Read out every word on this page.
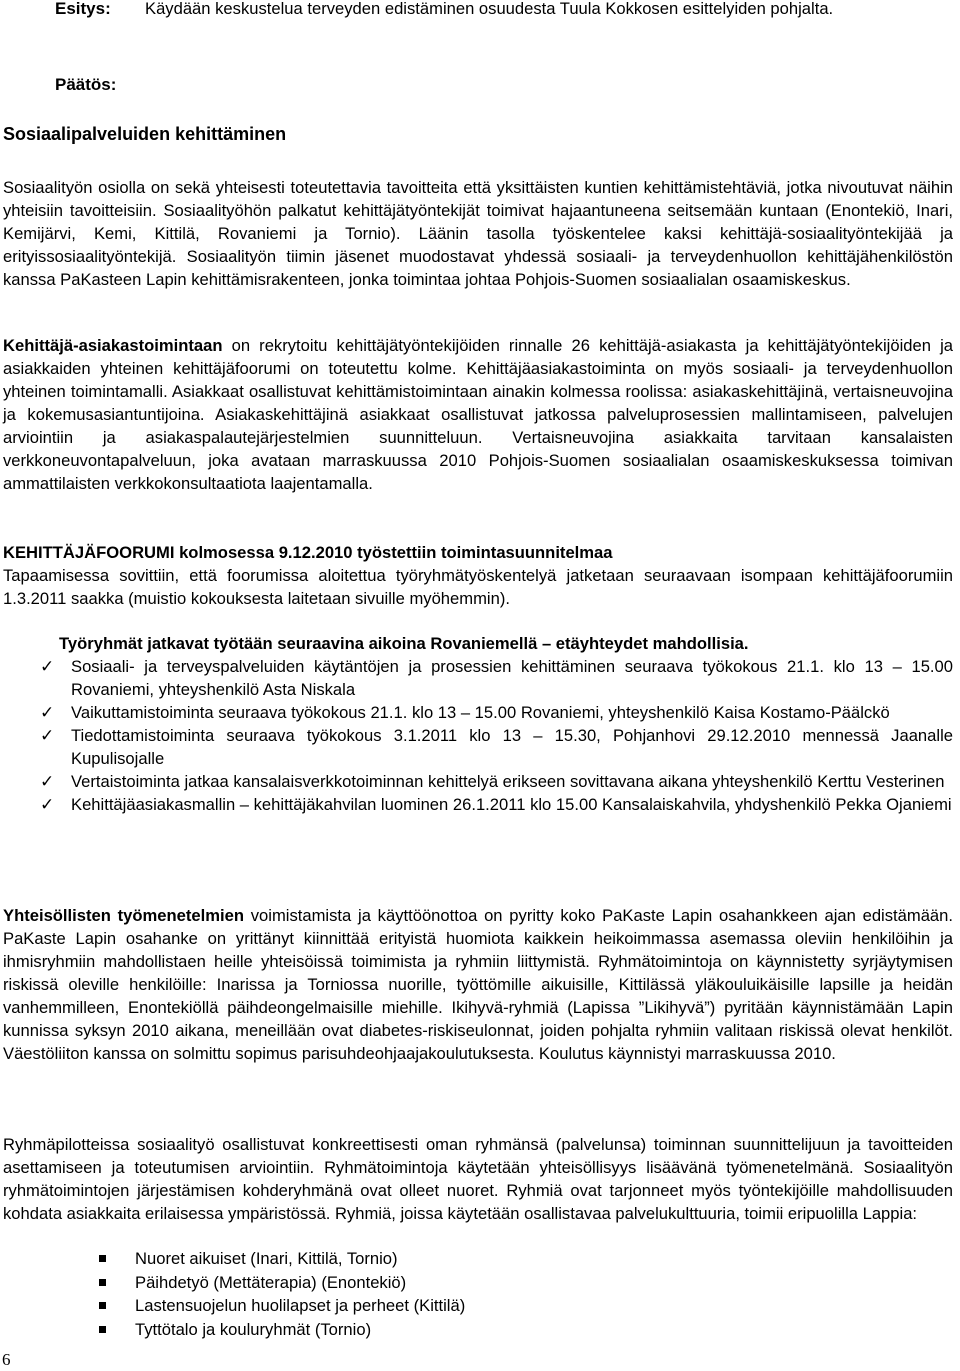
Esitys: Käydään keskustelua terveyden edistäminen osuudesta Tuula Kokkosen esittelyiden pohjalta.
Päätös:
Sosiaalipalveluiden kehittäminen
Sosiaalityön osiolla on sekä yhteisesti toteutettavia tavoitteita että yksittäisten kuntien kehittämistehtäviä, jotka nivoutuvat näihin yhteisiin tavoitteisiin. Sosiaalityöhön palkatut kehittäjätyöntekijät toimivat hajaantuneena seitsemään kuntaan (Enontekiö, Inari, Kemijärvi, Kemi, Kittilä, Rovaniemi ja Tornio). Läänin tasolla työskentelee kaksi kehittäjä-sosiaalityöntekijää ja erityissosiaalityöntekijä. Sosiaalityön tiimin jäsenet muodostavat yhdessä sosiaali- ja terveydenhuollon kehittäjähenkilöstön kanssa PaKasteen Lapin kehittämisrakenteen, jonka toimintaa johtaa Pohjois-Suomen sosiaalialan osaamiskeskus.
Kehittäjä-asiakastoimintaan on rekrytoitu kehittäjätyöntekijöiden rinnalle 26 kehittäjä-asiakasta ja kehittäjätyöntekijöiden ja asiakkaiden yhteinen kehittäjäfoorumi on toteutettu kolme. Kehittäjäasiakastoiminta on myös sosiaali- ja terveydenhuollon yhteinen toimintamalli. Asiakkaat osallistuvat kehittämistoimintaan ainakin kolmessa roolissa: asiakaskehittäjinä, vertaisneuvojina ja kokemusasiantuntijoina. Asiakaskehittäjinä asiakkaat osallistuvat jatkossa palveluprosessien mallintamiseen, palvelujen arviointiin ja asiakaspalautejärjestelmien suunnitteluun. Vertaisneuvojina asiakkaita tarvitaan kansalaisten verkkoneuvontapalveluun, joka avataan marraskuussa 2010 Pohjois-Suomen sosiaalialan osaamiskeskuksessa toimivan ammattilaisten verkkokonsultaatiota laajentamalla.
KEHITTÄJÄFOORUMI kolmosessa 9.12.2010 työstettiin toimintasuunnitelmaa
Tapaamisessa sovittiin, että foorumissa aloitettua työryhmätyöskentelyä jatketaan seuraavaan isompaan kehittäjäfoorumiin 1.3.2011 saakka (muistio kokouksesta laitetaan sivuille myöhemmin).
Työryhmät jatkavat työtään seuraavina aikoina Rovaniemellä – etäyhteydet mahdollisia.
✓ Sosiaali- ja terveyspalveluiden käytäntöjen ja prosessien kehittäminen seuraava työkokous 21.1. klo 13 – 15.00 Rovaniemi, yhteyshenkilö Asta Niskala
✓ Vaikuttamistoiminta seuraava työkokous 21.1. klo 13 – 15.00 Rovaniemi, yhteyshenkilö Kaisa Kostamo-Päälckö
✓ Tiedottamistoiminta seuraava työkokous 3.1.2011 klo 13 – 15.30, Pohjanhovi 29.12.2010 mennessä Jaanalle Kupulisojalle
✓ Vertaistoiminta jatkaa kansalaisverkkotoiminnan kehittelyä erikseen sovittavana aikana yhteyshenkilö Kerttu Vesterinen
✓ Kehittäjäasiakasmallin – kehittäjäkahvilan luominen 26.1.2011 klo 15.00 Kansalaiskahvila, yhdyshenkilö Pekka Ojaniemi
Yhteisöllisten työmenetelmien voimistamista ja käyttöönottoa on pyritty koko PaKaste Lapin osahankkeen ajan edistämään. PaKaste Lapin osahanke on yrittänyt kiinnittää erityistä huomiota kaikkein heikoimmassa asemassa oleviin henkilöihin ja ihmisryhmiin mahdollistaen heille yhteisöissä toimimista ja ryhmiin liittymistä. Ryhmätoimintoja on käynnistetty syrjäytymisen riskissä oleville henkilöille: Inarissa ja Torniossa nuorille, työttömille aikuisille, Kittilässä yläkouluikäisille lapsille ja heidän vanhemmilleen, Enontekiöllä päihdeongelmaisille miehille. Ikihyvä-ryhmiä (Lapissa ”Likihyvä”) pyritään käynnistämään Lapin kunnissa syksyn 2010 aikana, meneillään ovat diabetes-riskiseulonnat, joiden pohjalta ryhmiin valitaan riskissä olevat henkilöt. Väestöliiton kanssa on solmittu sopimus parisuhdeohjaajakoulutuksesta. Koulutus käynnistyi marraskuussa 2010.
Ryhmäpilotteissa sosiaalityö osallistuvat konkreettisesti oman ryhmänsä (palvelunsa) toiminnan suunnittelijuun ja tavoitteiden asettamiseen ja toteutumisen arviointiin. Ryhmätoimintoja käytetään yhteisöllisyys lisäävänä työmenetelmänä. Sosiaalityön ryhmätoimintojen järjestämisen kohderyhmänä ovat olleet nuoret. Ryhmiä ovat tarjonneet myös työntekijöille mahdollisuuden kohdata asiakkaita erilaisessa ympäristössä. Ryhmiä, joissa käytetään osallistavaa palvelukulttuuria, toimii eripuolilla Lappia:
Nuoret aikuiset (Inari, Kittilä, Tornio)
Päihdetyö (Mettäterapia) (Enontekiö)
Lastensuojelun huolilapset ja perheet (Kittilä)
Tyttötalo ja kouluryhmät (Tornio)
6
